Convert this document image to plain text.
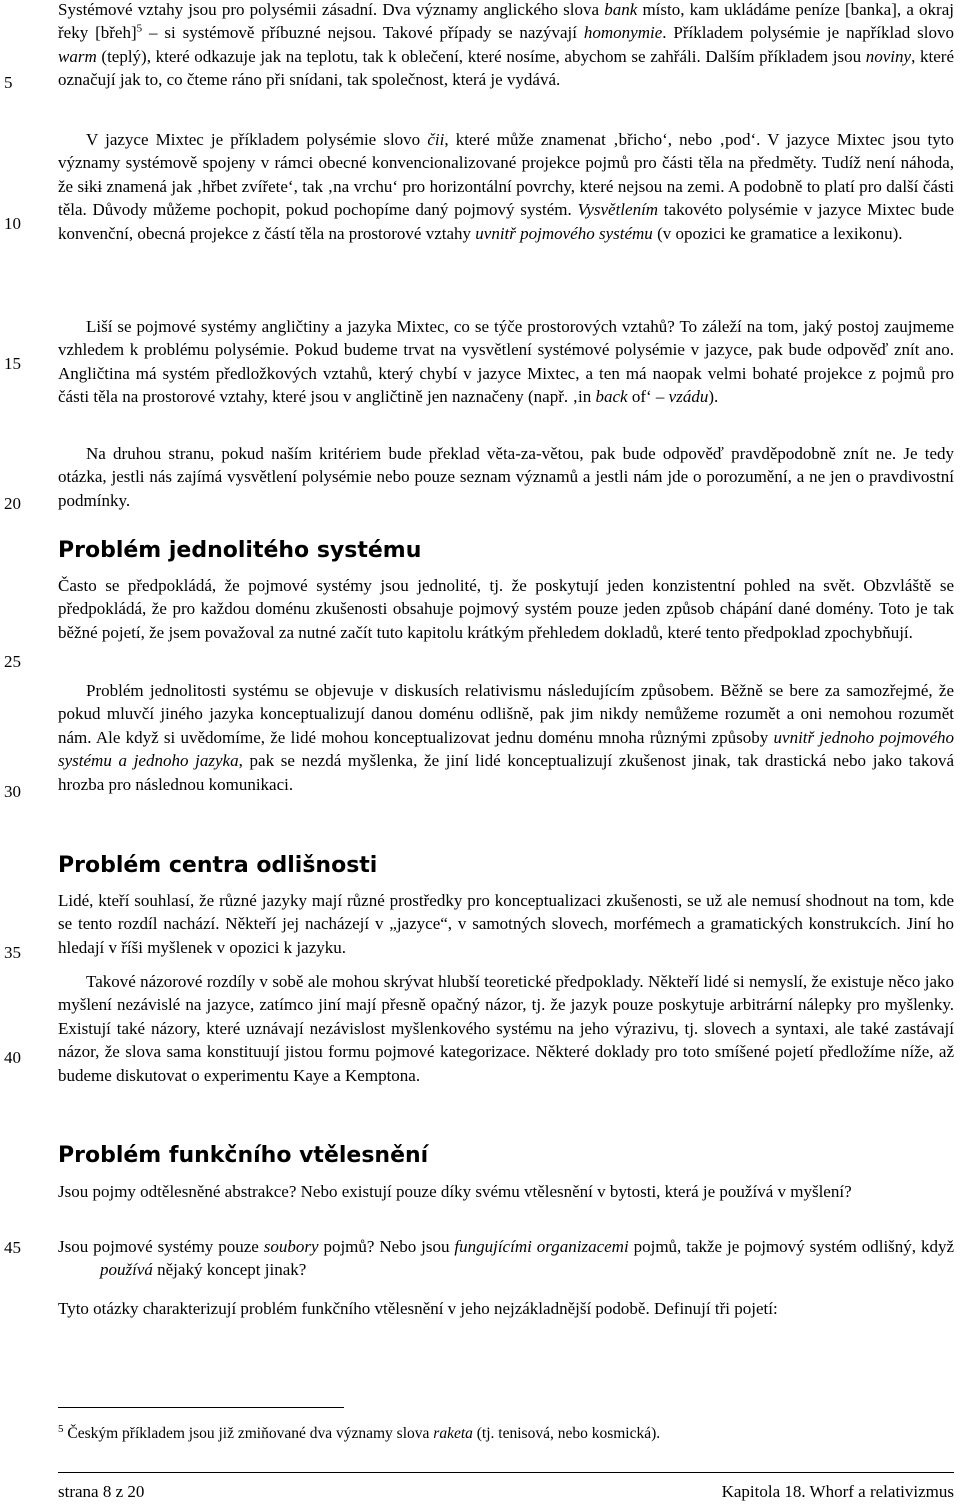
5
10
15
20
25
30
35
40
45

Systémové vztahy jsou pro polysémii zásadní. Dva významy anglického slova bank místo, kam ukládáme peníze [banka], a okraj řeky [břeh]$^5$ – si systémově příbuzné nejsou. Takové případy se nazývají homonymie. Příkladem polysémie je například slovo warm (teplý), které odkazuje jak na teplotu, tak k oblečení, které nosíme, abychom se zahřáli. Dalším příkladem jsou noviny, které označují jak to, co čteme ráno při snídani, tak společnost, která je vydává.

V jazyce Mixtec je příkladem polysémie slovo čii, které může znamenat ‚břicho‘, nebo ‚pod‘. V jazyce Mixtec jsou tyto významy systémově spojeny v rámci obecné konvencionalizované projekce pojmů pro části těla na předměty. Tudíž není náhoda, že sɨkɨ znamená jak ‚hřbet zvířete‘, tak ‚na vrchu‘ pro horizontální povrchy, které nejsou na zemi. A podobně to platí pro další části těla. Důvody můžeme pochopit, pokud pochopíme daný pojmový systém. Vysvětlením takovéto polysémie v jazyce Mixtec bude konvenční, obecná projekce z částí těla na prostorové vztahy uvnitř pojmového systému (v opozici ke gramatice a lexikonu).

Liší se pojmové systémy angličtiny a jazyka Mixtec, co se týče prostorových vztahů? To záleží na tom, jaký postoj zaujmeme vzhledem k problému polysémie. Pokud budeme trvat na vysvětlení systémové polysémie v jazyce, pak bude odpověď znít ano. Angličtina má systém předložkových vztahů, který chybí v jazyce Mixtec, a ten má naopak velmi bohaté projekce z pojmů pro části těla na prostorové vztahy, které jsou v angličtině jen naznačeny (např. ‚in back of‘ – vzádu).

Na druhou stranu, pokud naším kritériem bude překlad věta-za-větou, pak bude odpověď pravděpodobně znít ne. Je tedy otázka, jestli nás zajímá vysvětlení polysémie nebo pouze seznam významů a jestli nám jde o porozumění, a ne jen o pravdivostní podmínky.

Problém jednolitého systému

Často se předpokládá, že pojmové systémy jsou jednolité, tj. že poskytují jeden konzistentní pohled na svět. Obzvláště se předpokládá, že pro každou doménu zkušenosti obsahuje pojmový systém pouze jeden způsob chápání dané domény. Toto je tak běžné pojetí, že jsem považoval za nutné začít tuto kapitolu krátkým přehledem dokladů, které tento předpoklad zpochybňují.

Problém jednolitosti systému se objevuje v diskusích relativismu následujícím způsobem. Běžně se bere za samozřejmé, že pokud mluvčí jiného jazyka konceptualizují danou doménu odlišně, pak jim nikdy nemůžeme rozumět a oni nemohou rozumět nám. Ale když si uvědomíme, že lidé mohou konceptualizovat jednu doménu mnoha různými způsoby uvnitř jednoho pojmového systému a jednoho jazyka, pak se nezdá myšlenka, že jiní lidé konceptualizují zkušenost jinak, tak drastická nebo jako taková hrozba pro následnou komunikaci.

Problém centra odlišnosti

Lidé, kteří souhlasí, že různé jazyky mají různé prostředky pro konceptualizaci zkušenosti, se už ale nemusí shodnout na tom, kde se tento rozdíl nachází. Někteří jej nacházejí v „jazyce“, v samotných slovech, morfémech a gramatických konstrukcích. Jiní ho hledají v říši myšlenek v opozici k jazyku.

Takové názorové rozdíly v sobě ale mohou skrývat hlubší teoretické předpoklady. Někteří lidé si nemyslí, že existuje něco jako myšlení nezávislé na jazyce, zatímco jiní mají přesně opačný názor, tj. že jazyk pouze poskytuje arbitrární nálepky pro myšlenky. Existují také názory, které uznávají nezávislost myšlenkového systému na jeho výrazivu, tj. slovech a syntaxi, ale také zastávají názor, že slova sama konstituují jistou formu pojmové kategorizace. Některé doklady pro toto smíšené pojetí předložíme níže, až budeme diskutovat o experimentu Kaye a Kemptona.

Problém funkčního vtělesnění

Jsou pojmy odtělesněné abstrakce? Nebo existují pouze díky svému vtělesnění v bytosti, která je používá v myšlení?

Jsou pojmové systémy pouze soubory pojmů? Nebo jsou fungujícími organizacemi pojmů, takže je pojmový systém odlišný, když používá nějaký koncept jinak?

Tyto otázky charakterizují problém funkčního vtělesnění v jeho nejzákladnější podobě. Definují tři pojetí:

$^5$ Českým příkladem jsou již zmiňované dva významy slova raketa (tj. tenisová, nebo kosmická).
strana 8 z 20	Kapitola 18. Whorf a relativizmus
